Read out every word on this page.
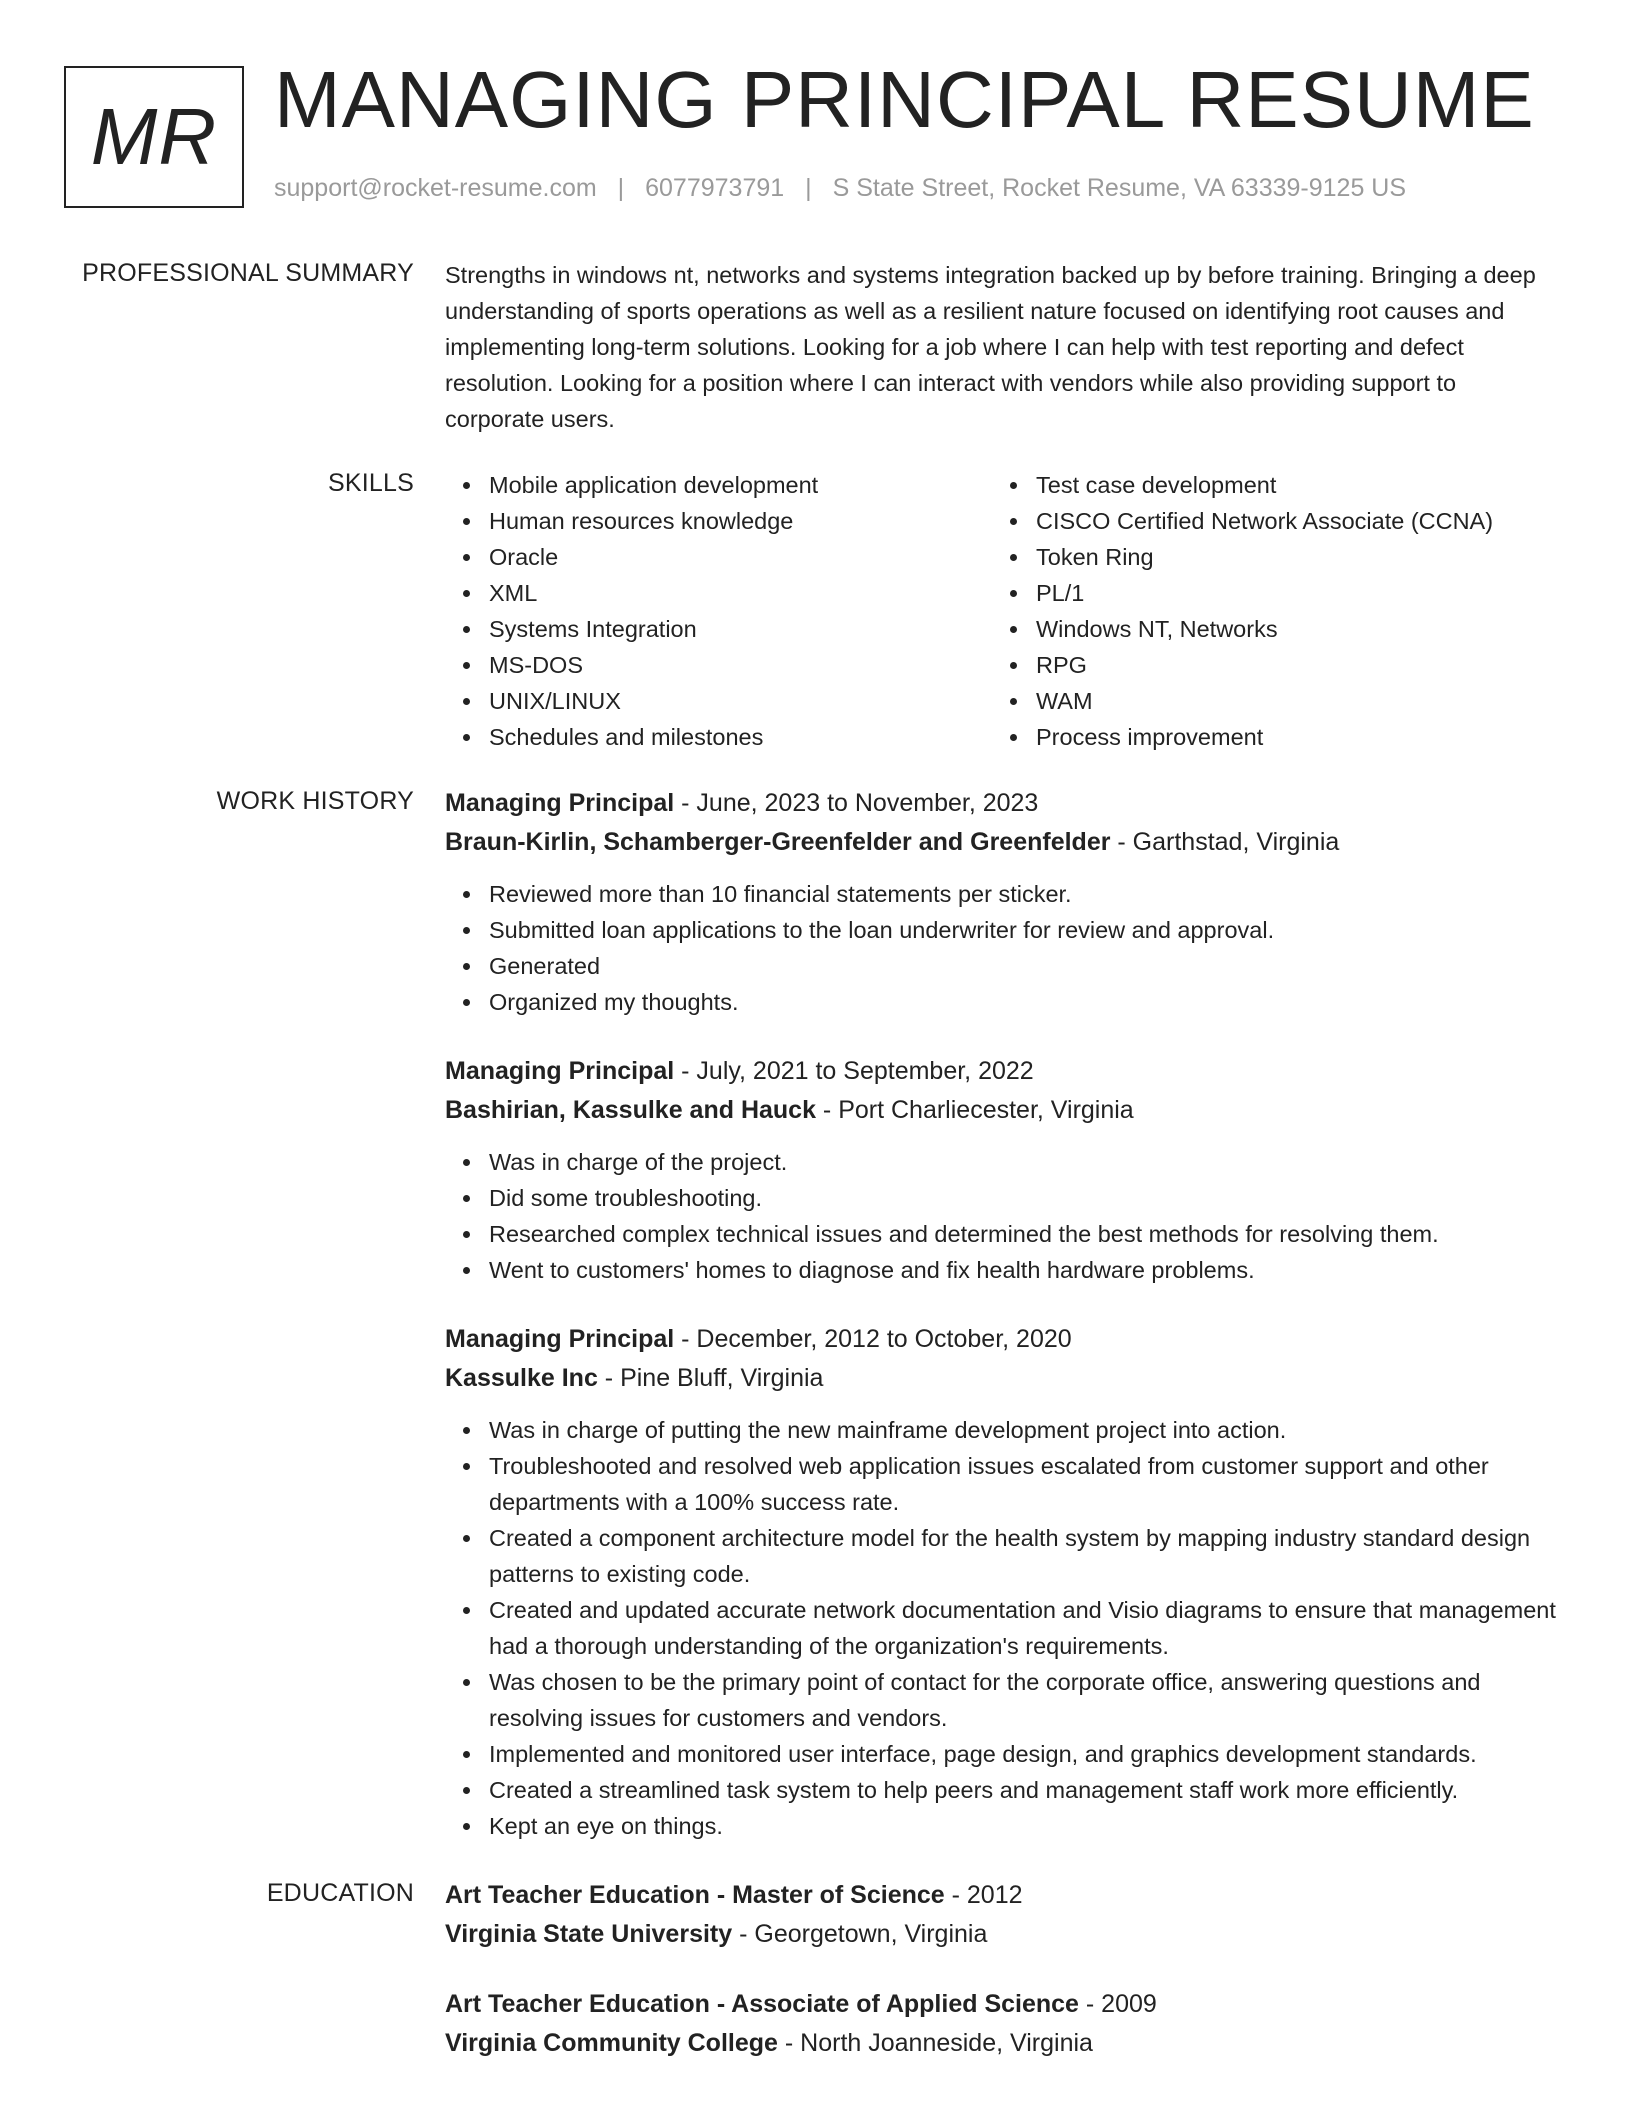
MR MANAGING PRINCIPAL RESUME
support@rocket-resume.com | 6077973791 | S State Street, Rocket Resume, VA 63339-9125 US
PROFESSIONAL SUMMARY Strengths in windows nt, networks and systems integration backed up by before training. Bringing a deep understanding of sports operations as well as a resilient nature focused on identifying root causes and implementing long-term solutions. Looking for a job where I can help with test reporting and defect resolution. Looking for a position where I can interact with vendors while also providing support to corporate users.
SKILLS	Mobile application development
Human resources knowledge
Oracle
XML
Systems Integration
MS-DOS
UNIX/LINUX
Schedules and milestones
Test case development
CISCO Certified Network Associate (CCNA)
Token Ring
PL/1
Windows NT, Networks
RPG
WAM
Process improvement
WORK HISTORY Managing Principal - June, 2023 to November, 2023
Braun-Kirlin, Schamberger-Greenfelder and Greenfelder - Garthstad, Virginia
Reviewed more than 10 financial statements per sticker.
Submitted loan applications to the loan underwriter for review and approval.
Generated
Organized my thoughts.
Managing Principal - July, 2021 to September, 2022
Bashirian, Kassulke and Hauck - Port Charliecester, Virginia
Was in charge of the project.
Did some troubleshooting.
Researched complex technical issues and determined the best methods for resolving them.
Went to customers' homes to diagnose and fix health hardware problems.
Managing Principal - December, 2012 to October, 2020
Kassulke Inc - Pine Bluff, Virginia
Was in charge of putting the new mainframe development project into action.
Troubleshooted and resolved web application issues escalated from customer support and other departments with a 100% success rate.
Created a component architecture model for the health system by mapping industry standard design patterns to existing code.
Created and updated accurate network documentation and Visio diagrams to ensure that management had a thorough understanding of the organization's requirements.
Was chosen to be the primary point of contact for the corporate office, answering questions and resolving issues for customers and vendors.
Implemented and monitored user interface, page design, and graphics development standards.
Created a streamlined task system to help peers and management staff work more efficiently.
Kept an eye on things.
EDUCATION Art Teacher Education - Master of Science - 2012
Virginia State University - Georgetown, Virginia
Art Teacher Education - Associate of Applied Science - 2009
Virginia Community College - North Joanneside, Virginia
